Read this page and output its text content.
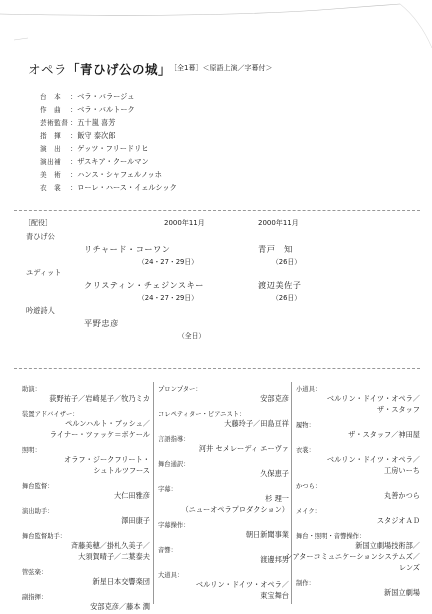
オペラ「青ひげ公の城」
［全1幕］＜原語上演／字幕付＞
台　本 ：ベラ・バラージュ
作　曲 ：ベラ・バルトーク
芸術監督 ：五十嵐 喜芳
指　揮 ：飯守 泰次郎
演　出 ：ゲッツ・フリードリヒ
演出補 ：ザスキア・クールマン
美　術 ：ハンス・シャフェルノッホ
衣　裳 ：ローレ・ハース・イェルシック
［配役］	2000年11月	2000年11月
青ひげ公
リチャード・コーワン
（24・27・29日）
青戸　知
（26日）
ユディット
クリスティン・チェジンスキー
（24・27・29日）
渡辺美佐子
（26日）
吟遊詩人
平野忠彦
（全日）
助演：
荻野祐子／岩崎晃子／牧乃ミカ
装置アドバイザー：
ペルンハルト・ブッシュ／
ライナー・ツァッケ＝ボケール
照明：
オラフ・ジークフリート・
シュトルツフース
舞台監督：
大仁田雅彦
演出助手：
澤田康子
舞台監督助手：
斉藤美穂／掛札久美子／
大須賀晴子／二葉泰夫
管弦楽：
新星日本交響楽団
副指揮：
安部克彦／藤本 潤
プロンプター：
安部克彦
コレペティター・ピアニスト：
大藤玲子／田島亘祥
言語指導：
河井 セメレーディ エーヴァ
舞台通訳：
久保恵子
字幕：
杉 理一
（ニューオペラプロダクション）
字幕操作：
朝日新聞事業
音響：
渡邊邦男
大道具：
ベルリン・ドイツ・オペラ／
東宝舞台
小道具：
ベルリン・ドイツ・オペラ／
ザ・スタッフ
履物：
ザ・スタッフ／神田屋
衣裳：
ベルリン・ドイツ・オペラ／
工房いーち
かつら：
丸善かつら
メイク：
スタジオＡＤ
舞台・照明・音響操作：
新国立劇場技術部／
シアターコミュニケーションシステムズ／
レンズ
制作：
新国立劇場
